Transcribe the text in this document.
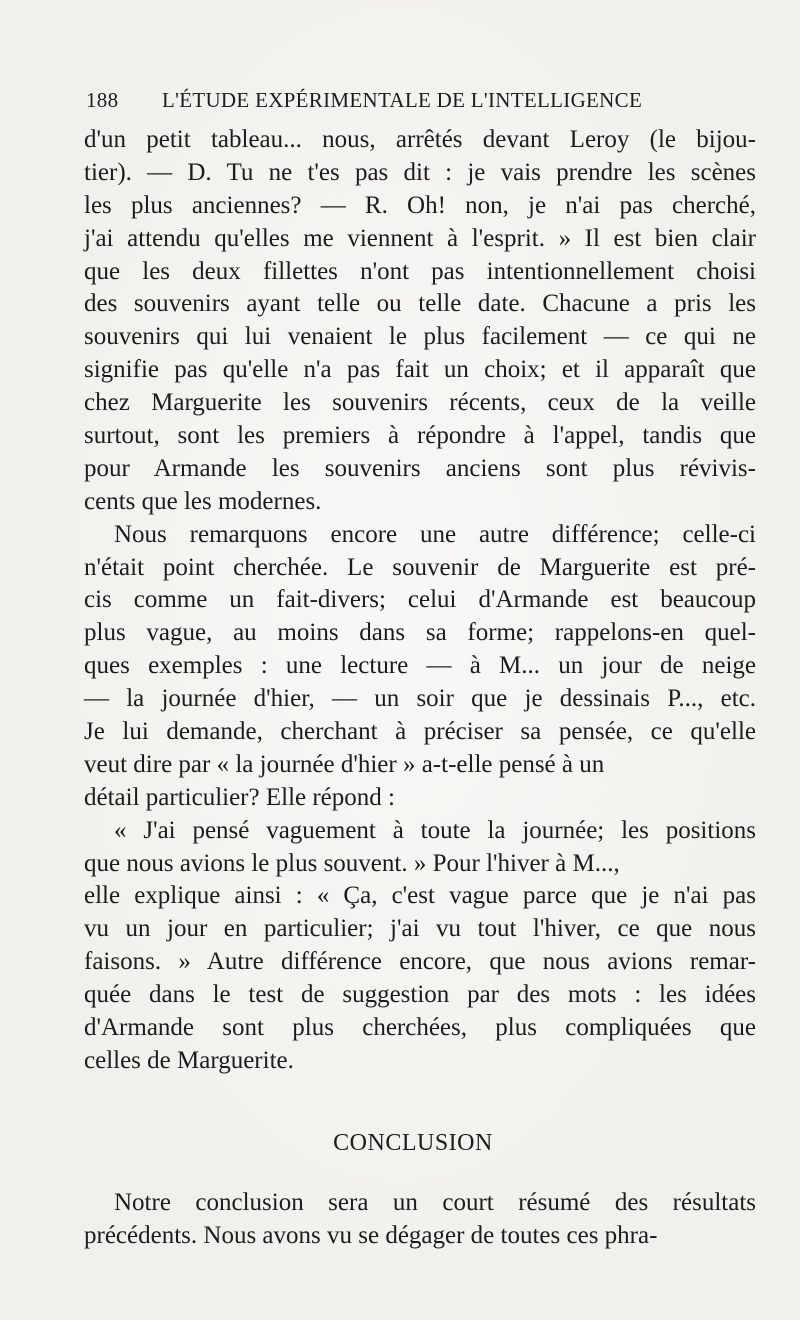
188 L'ÉTUDE EXPÉRIMENTALE DE L'INTELLIGENCE
d'un petit tableau... nous, arrêtés devant Leroy (le bijou-
tier). — D. Tu ne t'es pas dit : je vais prendre les scènes
les plus anciennes? — R. Oh! non, je n'ai pas cherché,
j'ai attendu qu'elles me viennent à l'esprit. » Il est bien clair
que les deux fillettes n'ont pas intentionnellement choisi
des souvenirs ayant telle ou telle date. Chacune a pris les
souvenirs qui lui venaient le plus facilement — ce qui ne
signifie pas qu'elle n'a pas fait un choix; et il apparaît que
chez Marguerite les souvenirs récents, ceux de la veille
surtout, sont les premiers à répondre à l'appel, tandis que
pour Armande les souvenirs anciens sont plus révivis-
cents que les modernes.
Nous remarquons encore une autre différence; celle-ci
n'était point cherchée. Le souvenir de Marguerite est pré-
cis comme un fait-divers; celui d'Armande est beaucoup
plus vague, au moins dans sa forme; rappelons-en quel-
ques exemples : une lecture — à M... un jour de neige
— la journée d'hier, — un soir que je dessinais P..., etc.
Je lui demande, cherchant à préciser sa pensée, ce qu'elle
veut dire par « la journée d'hier » a-t-elle pensé à un
détail particulier? Elle répond :
« J'ai pensé vaguement à toute la journée; les positions
que nous avions le plus souvent. » Pour l'hiver à M...,
elle explique ainsi : « Ça, c'est vague parce que je n'ai pas
vu un jour en particulier; j'ai vu tout l'hiver, ce que nous
faisons. » Autre différence encore, que nous avions remar-
quée dans le test de suggestion par des mots : les idées
d'Armande sont plus cherchées, plus compliquées que
celles de Marguerite.
CONCLUSION
Notre conclusion sera un court résumé des résultats
précédents. Nous avons vu se dégager de toutes ces phra-
